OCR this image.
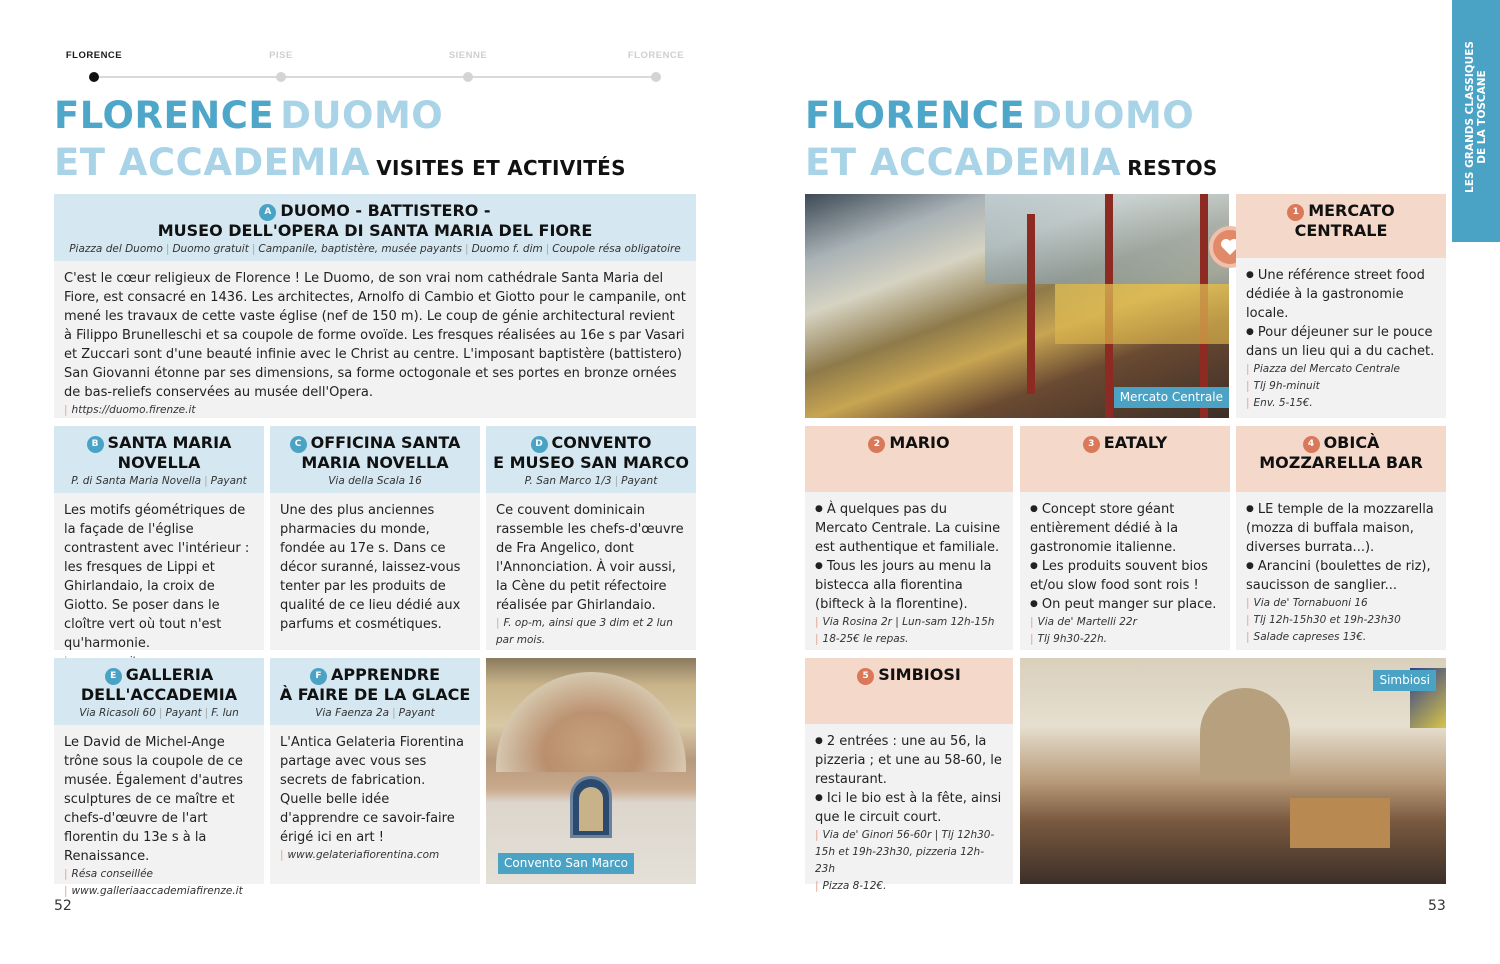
FLORENCE	PISE	SIENNE	FLORENCE
FLORENCE DUOMO
ET ACCADEMIA VISITES ET ACTIVITÉS
A DUOMO - BATTISTERO -
MUSEO DELL'OPERA DI SANTA MARIA DEL FIORE
Piazza del Duomo | Duomo gratuit | Campanile, baptistère, musée payants | Duomo f. dim | Coupole résa obligatoire
C'est le cœur religieux de Florence ! Le Duomo, de son vrai nom cathédrale Santa Maria del Fiore, est consacré en 1436. Les architectes, Arnolfo di Cambio et Giotto pour le campanile, ont mené les travaux de cette vaste église (nef de 150 m). Le coup de génie architectural revient à Filippo Brunelleschi et sa coupole de forme ovoïde. Les fresques réalisées au 16e s par Vasari et Zuccari sont d'une beauté infinie avec le Christ au centre. L'imposant baptistère (battistero) San Giovanni étonne par ses dimensions, sa forme octogonale et ses portes en bronze ornées de bas-reliefs conservées au musée dell'Opera.
| https://duomo.firenze.it
B SANTA MARIA
NOVELLA
P. di Santa Maria Novella | Payant
Les motifs géométriques de la façade de l'église contrastent avec l'intérieur : les fresques de Lippi et Ghirlandaio, la croix de Giotto. Se poser dans le cloître vert où tout n'est qu'harmonie.
|
C OFFICINA SANTA
MARIA NOVELLA
Via della Scala 16
Une des plus anciennes pharmacies du monde, fondée au 17e s. Dans ce décor suranné, laissez-vous tenter par les produits de qualité de ce lieu dédié aux parfums et cosmétiques.
D CONVENTO
E MUSEO SAN MARCO
P. San Marco 1/3 | Payant
Ce couvent dominicain rassemble les chefs-d'œuvre de Fra Angelico, dont l'Annonciation. À voir aussi, la Cène du petit réfectoire réalisée par Ghirlandaio.
| F. op-m, ainsi que 3 dim et 2 lun par mois.
E GALLERIA
DELL'ACCADEMIA
Via Ricasoli 60 | Payant | F. lun
Le David de Michel-Ange trône sous la coupole de ce musée. Également d'autres sculptures de ce maître et chefs-d'œuvre de l'art florentin du 13e s à la Renaissance.
| Résa conseillée
| www.galleriaaccademiafirenze.it
F APPRENDRE
À FAIRE DE LA GLACE
Via Faenza 2a | Payant
L'Antica Gelateria Fiorentina partage avec vous ses secrets de fabrication. Quelle belle idée d'apprendre ce savoir-faire érigé ici en art !
| www.gelateriafiorentina.com
Convento San Marco
52
LES GRANDS CLASSIQUES DE LA TOSCANE
FLORENCE DUOMO
ET ACCADEMIA RESTOS
Mercato Centrale
1 MERCATO
CENTRALE
● Une référence street food dédiée à la gastronomie locale.
● Pour déjeuner sur le pouce dans un lieu qui a du cachet.
| Piazza del Mercato Centrale
| Tlj 9h-minuit
| Env. 5-15€.
2 MARIO
● À quelques pas du Mercato Centrale. La cuisine est authentique et familiale.
● Tous les jours au menu la bistecca alla fiorentina (bifteck à la florentine).
| Via Rosina 2r | Lun-sam 12h-15h
| 18-25€ le repas.
3 EATALY
● Concept store géant entièrement dédié à la gastronomie italienne.
● Les produits souvent bios et/ou slow food sont rois !
● On peut manger sur place.
| Via de' Martelli 22r
| Tlj 9h30-22h.
4 OBICÀ
MOZZARELLA BAR
● LE temple de la mozzarella (mozza di buffala maison, diverses burrata...).
● Arancini (boulettes de riz), saucisson de sanglier...
| Via de' Tornabuoni 16
| Tlj 12h-15h30 et 19h-23h30
| Salade capreses 13€.
5 SIMBIOSI
● 2 entrées : une au 56, la pizzeria ; et une au 58-60, le restaurant.
● Ici le bio est à la fête, ainsi que le circuit court.
| Via de' Ginori 56-60r | Tlj 12h30-15h et 19h-23h30, pizzeria 12h-23h
| Pizza 8-12€.
Simbiosi
53
